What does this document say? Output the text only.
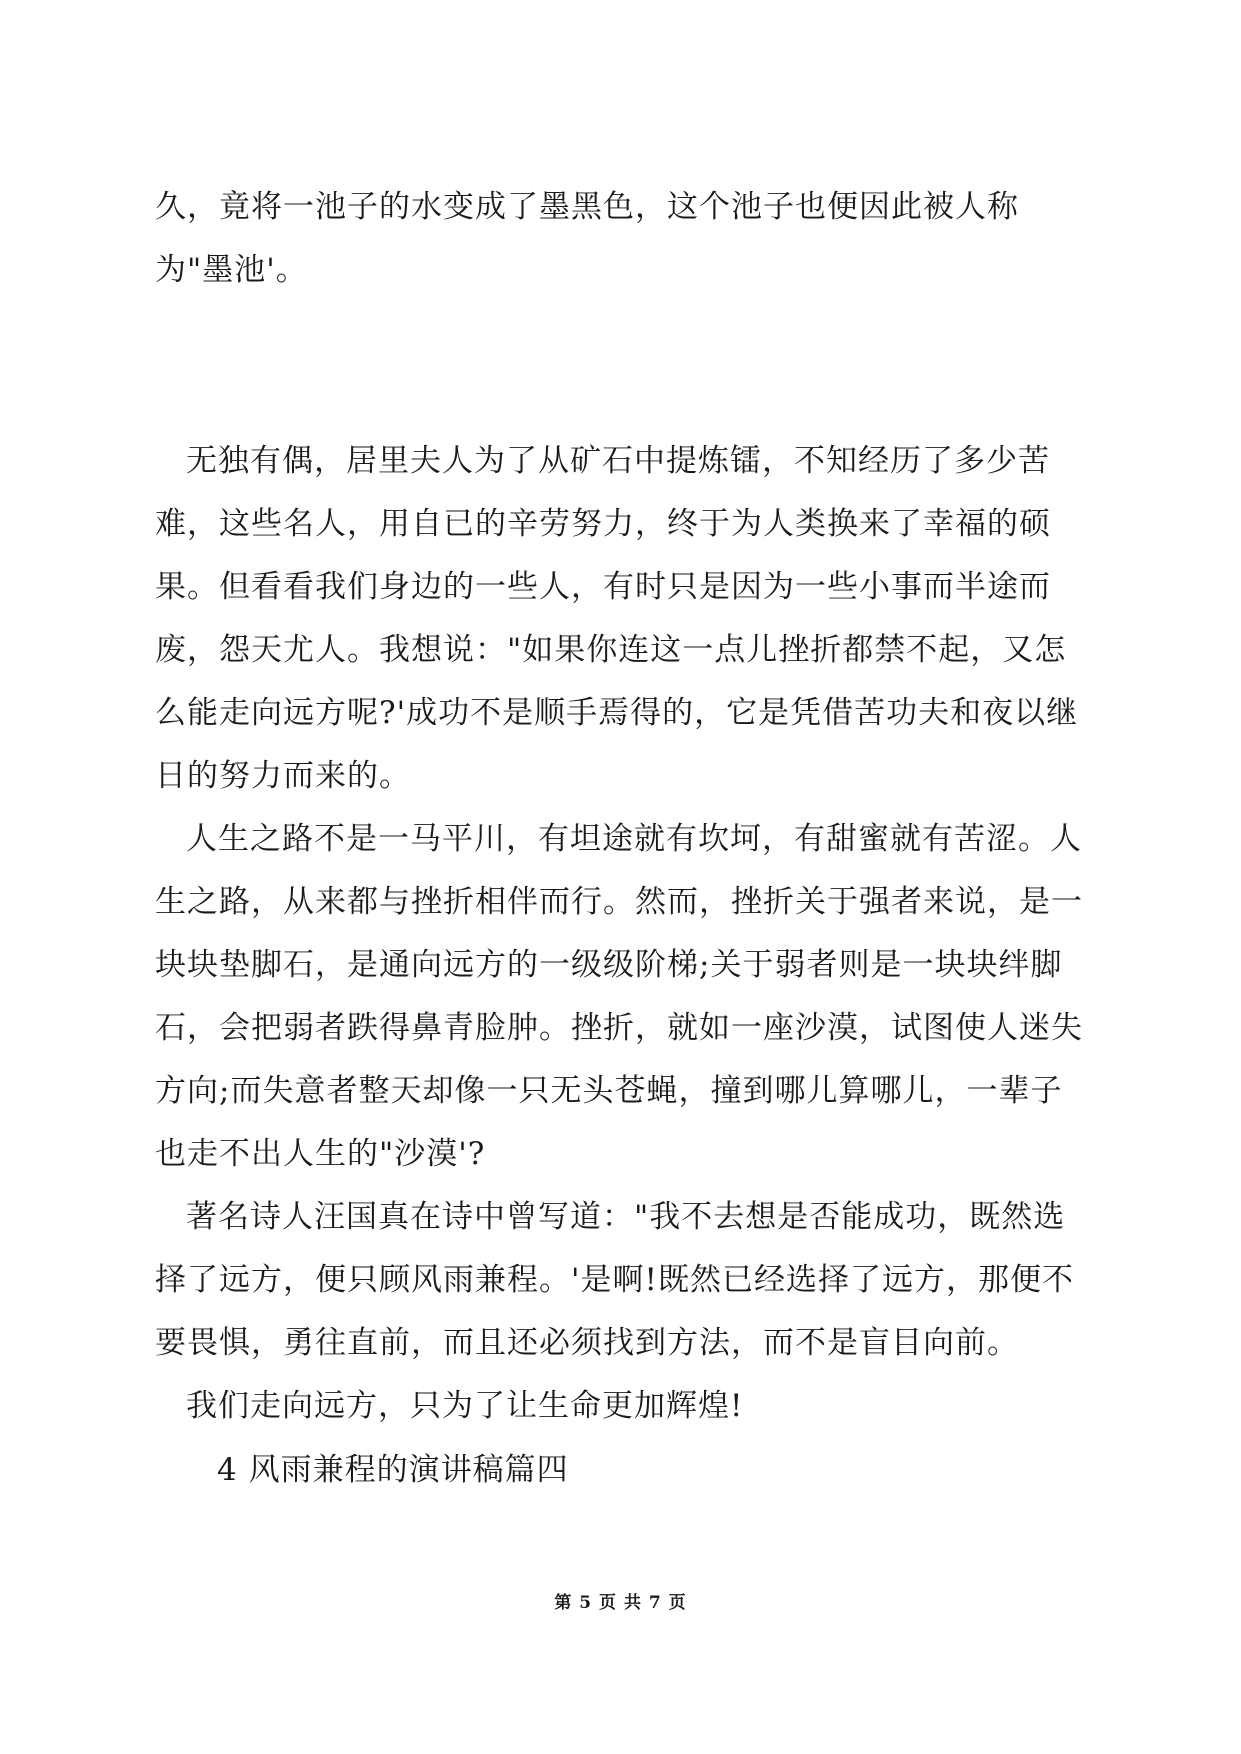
久，竟将一池子的水变成了墨黑色，这个池子也便因此被人称为"墨池'。

无独有偶，居里夫人为了从矿石中提炼镭，不知经历了多少苦难，这些名人，用自已的辛劳努力，终于为人类换来了幸福的硕果。但看看我们身边的一些人，有时只是因为一些小事而半途而废，怨天尤人。我想说："如果你连这一点儿挫折都禁不起，又怎么能走向远方呢?'成功不是顺手焉得的，它是凭借苦功夫和夜以继日的努力而来的。

人生之路不是一马平川，有坦途就有坎坷，有甜蜜就有苦涩。人生之路，从来都与挫折相伴而行。然而，挫折关于强者来说，是一块块垫脚石，是通向远方的一级级阶梯;关于弱者则是一块块绊脚石，会把弱者跌得鼻青脸肿。挫折，就如一座沙漠，试图使人迷失方向;而失意者整天却像一只无头苍蝇，撞到哪儿算哪儿，一辈子也走不出人生的"沙漠'?

著名诗人汪国真在诗中曾写道："我不去想是否能成功，既然选择了远方，便只顾风雨兼程。'是啊!既然已经选择了远方，那便不要畏惧，勇往直前，而且还必须找到方法，而不是盲目向前。

我们走向远方，只为了让生命更加辉煌!

4 风雨兼程的演讲稿篇四
第 5 页 共 7 页
